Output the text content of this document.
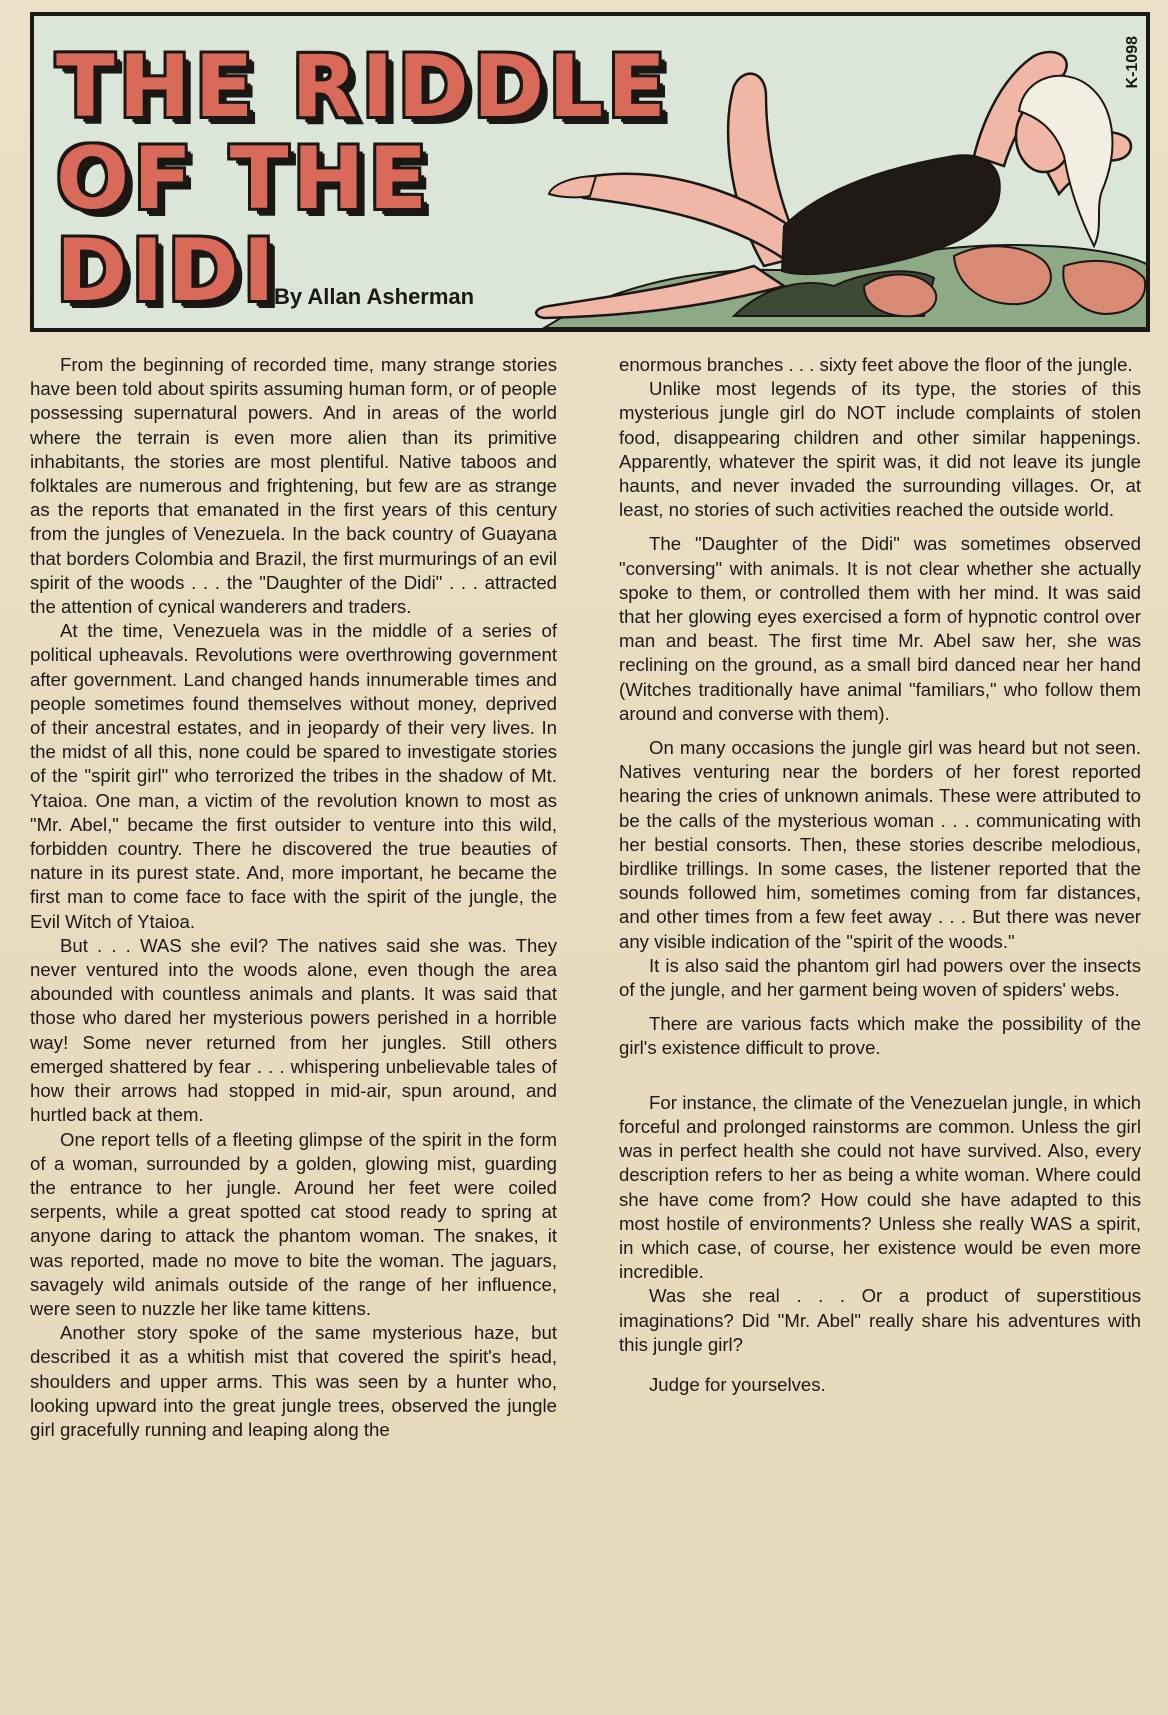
THE RIDDLE
OF THE
DIDI
By Allan Asherman
K-1098

From the beginning of recorded time, many strange stories have been told about spirits assuming human form, or of people possessing supernatural powers. And in areas of the world where the terrain is even more alien than its primitive inhabitants, the stories are most plentiful. Native taboos and folktales are numerous and frightening, but few are as strange as the reports that emanated in the first years of this century from the jungles of Venezuela. In the back country of Guayana that borders Colombia and Brazil, the first murmurings of an evil spirit of the woods . . . the "Daughter of the Didi" . . . attracted the attention of cynical wanderers and traders.

At the time, Venezuela was in the middle of a series of political upheavals. Revolutions were overthrowing government after government. Land changed hands innumerable times and people sometimes found themselves without money, deprived of their ancestral estates, and in jeopardy of their very lives. In the midst of all this, none could be spared to investigate stories of the "spirit girl" who terrorized the tribes in the shadow of Mt. Ytaioa. One man, a victim of the revolution known to most as "Mr. Abel," became the first outsider to venture into this wild, forbidden country. There he discovered the true beauties of nature in its purest state. And, more important, he became the first man to come face to face with the spirit of the jungle, the Evil Witch of Ytaioa.

But . . . WAS she evil? The natives said she was. They never ventured into the woods alone, even though the area abounded with countless animals and plants. It was said that those who dared her mysterious powers perished in a horrible way! Some never returned from her jungles. Still others emerged shattered by fear . . . whispering unbelievable tales of how their arrows had stopped in mid-air, spun around, and hurtled back at them.

One report tells of a fleeting glimpse of the spirit in the form of a woman, surrounded by a golden, glowing mist, guarding the entrance to her jungle. Around her feet were coiled serpents, while a great spotted cat stood ready to spring at anyone daring to attack the phantom woman. The snakes, it was reported, made no move to bite the woman. The jaguars, savagely wild animals outside of the range of her influence, were seen to nuzzle her like tame kittens.

Another story spoke of the same mysterious haze, but described it as a whitish mist that covered the spirit's head, shoulders and upper arms. This was seen by a hunter who, looking upward into the great jungle trees, observed the jungle girl gracefully running and leaping along the

enormous branches . . . sixty feet above the floor of the jungle.

Unlike most legends of its type, the stories of this mysterious jungle girl do NOT include complaints of stolen food, disappearing children and other similar happenings. Apparently, whatever the spirit was, it did not leave its jungle haunts, and never invaded the surrounding villages. Or, at least, no stories of such activities reached the outside world.

The "Daughter of the Didi" was sometimes observed "conversing" with animals. It is not clear whether she actually spoke to them, or controlled them with her mind. It was said that her glowing eyes exercised a form of hypnotic control over man and beast. The first time Mr. Abel saw her, she was reclining on the ground, as a small bird danced near her hand (Witches traditionally have animal "familiars," who follow them around and converse with them).

On many occasions the jungle girl was heard but not seen. Natives venturing near the borders of her forest reported hearing the cries of unknown animals. These were attributed to be the calls of the mysterious woman . . . communicating with her bestial consorts. Then, these stories describe melodious, birdlike trillings. In some cases, the listener reported that the sounds followed him, sometimes coming from far distances, and other times from a few feet away . . . But there was never any visible indication of the "spirit of the woods."

It is also said the phantom girl had powers over the insects of the jungle, and her garment being woven of spiders' webs.

There are various facts which make the possibility of the girl's existence difficult to prove.

For instance, the climate of the Venezuelan jungle, in which forceful and prolonged rainstorms are common. Unless the girl was in perfect health she could not have survived. Also, every description refers to her as being a white woman. Where could she have come from? How could she have adapted to this most hostile of environments? Unless she really WAS a spirit, in which case, of course, her existence would be even more incredible.

Was she real . . . Or a product of superstitious imaginations? Did "Mr. Abel" really share his adventures with this jungle girl?

Judge for yourselves.
